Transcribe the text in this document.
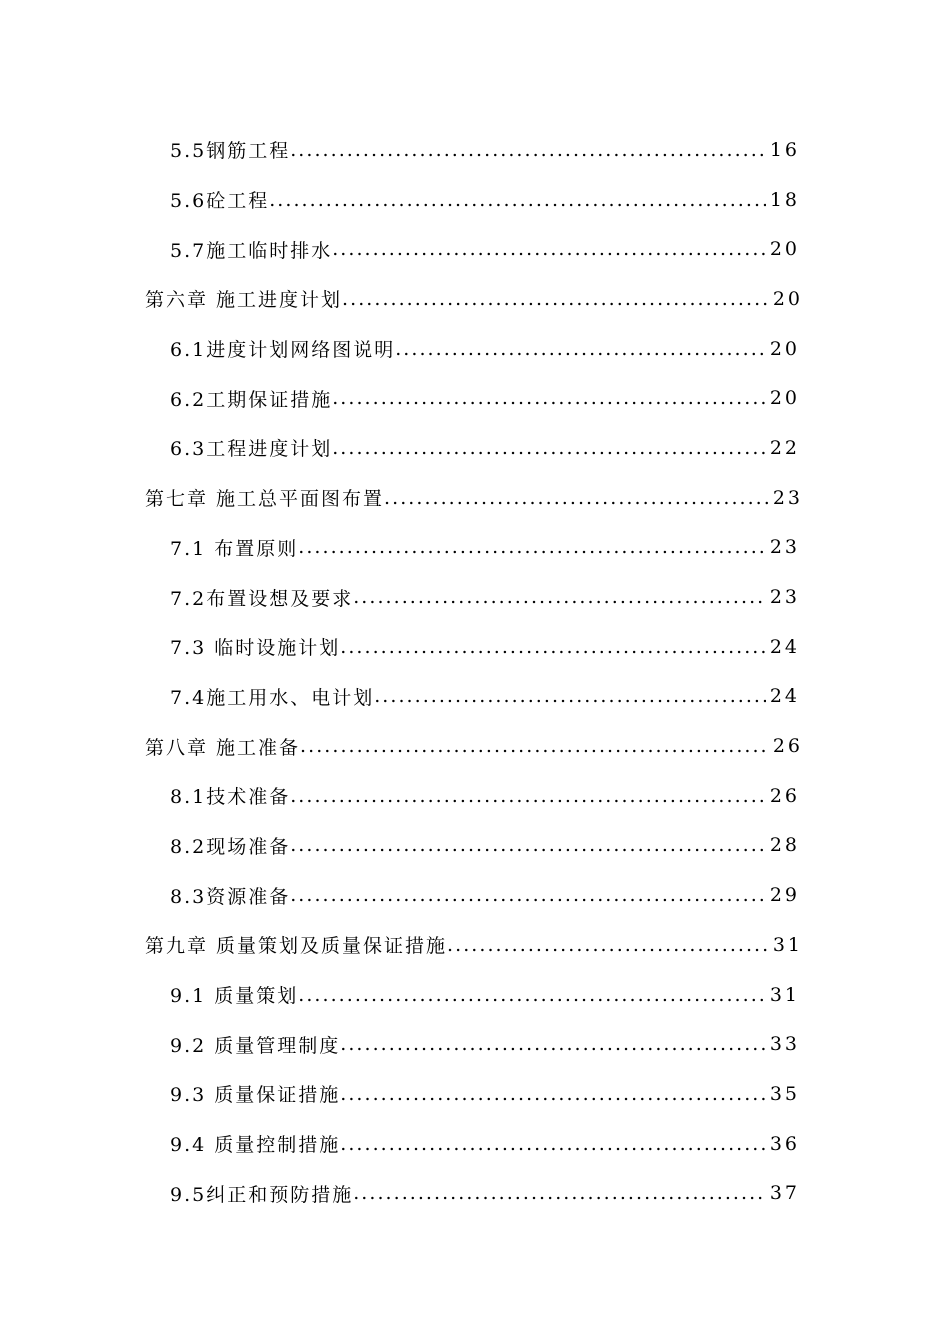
5.5钢筋工程 . . .	16
5.6砼工程 . . .	18
5.7施工临时排水 . . .	20
第六章 施工进度计划 . . .	20
6.1进度计划网络图说明 . . .	20
6.2工期保证措施 . . .	20
6.3工程进度计划 . . .	22
第七章 施工总平面图布置 . . .	23
7.1 布置原则 . . .	23
7.2布置设想及要求 . . .	23
7.3 临时设施计划 . . .	24
7.4施工用水、电计划 . . .	24
第八章 施工准备 . . .	26
8.1技术准备 . . .	26
8.2现场准备 . . .	28
8.3资源准备 . . .	29
第九章 质量策划及质量保证措施 . . .	31
9.1 质量策划 . . .	31
9.2 质量管理制度 . . .	33
9.3 质量保证措施 . . .	35
9.4 质量控制措施 . . .	36
9.5纠正和预防措施 . . .	37
